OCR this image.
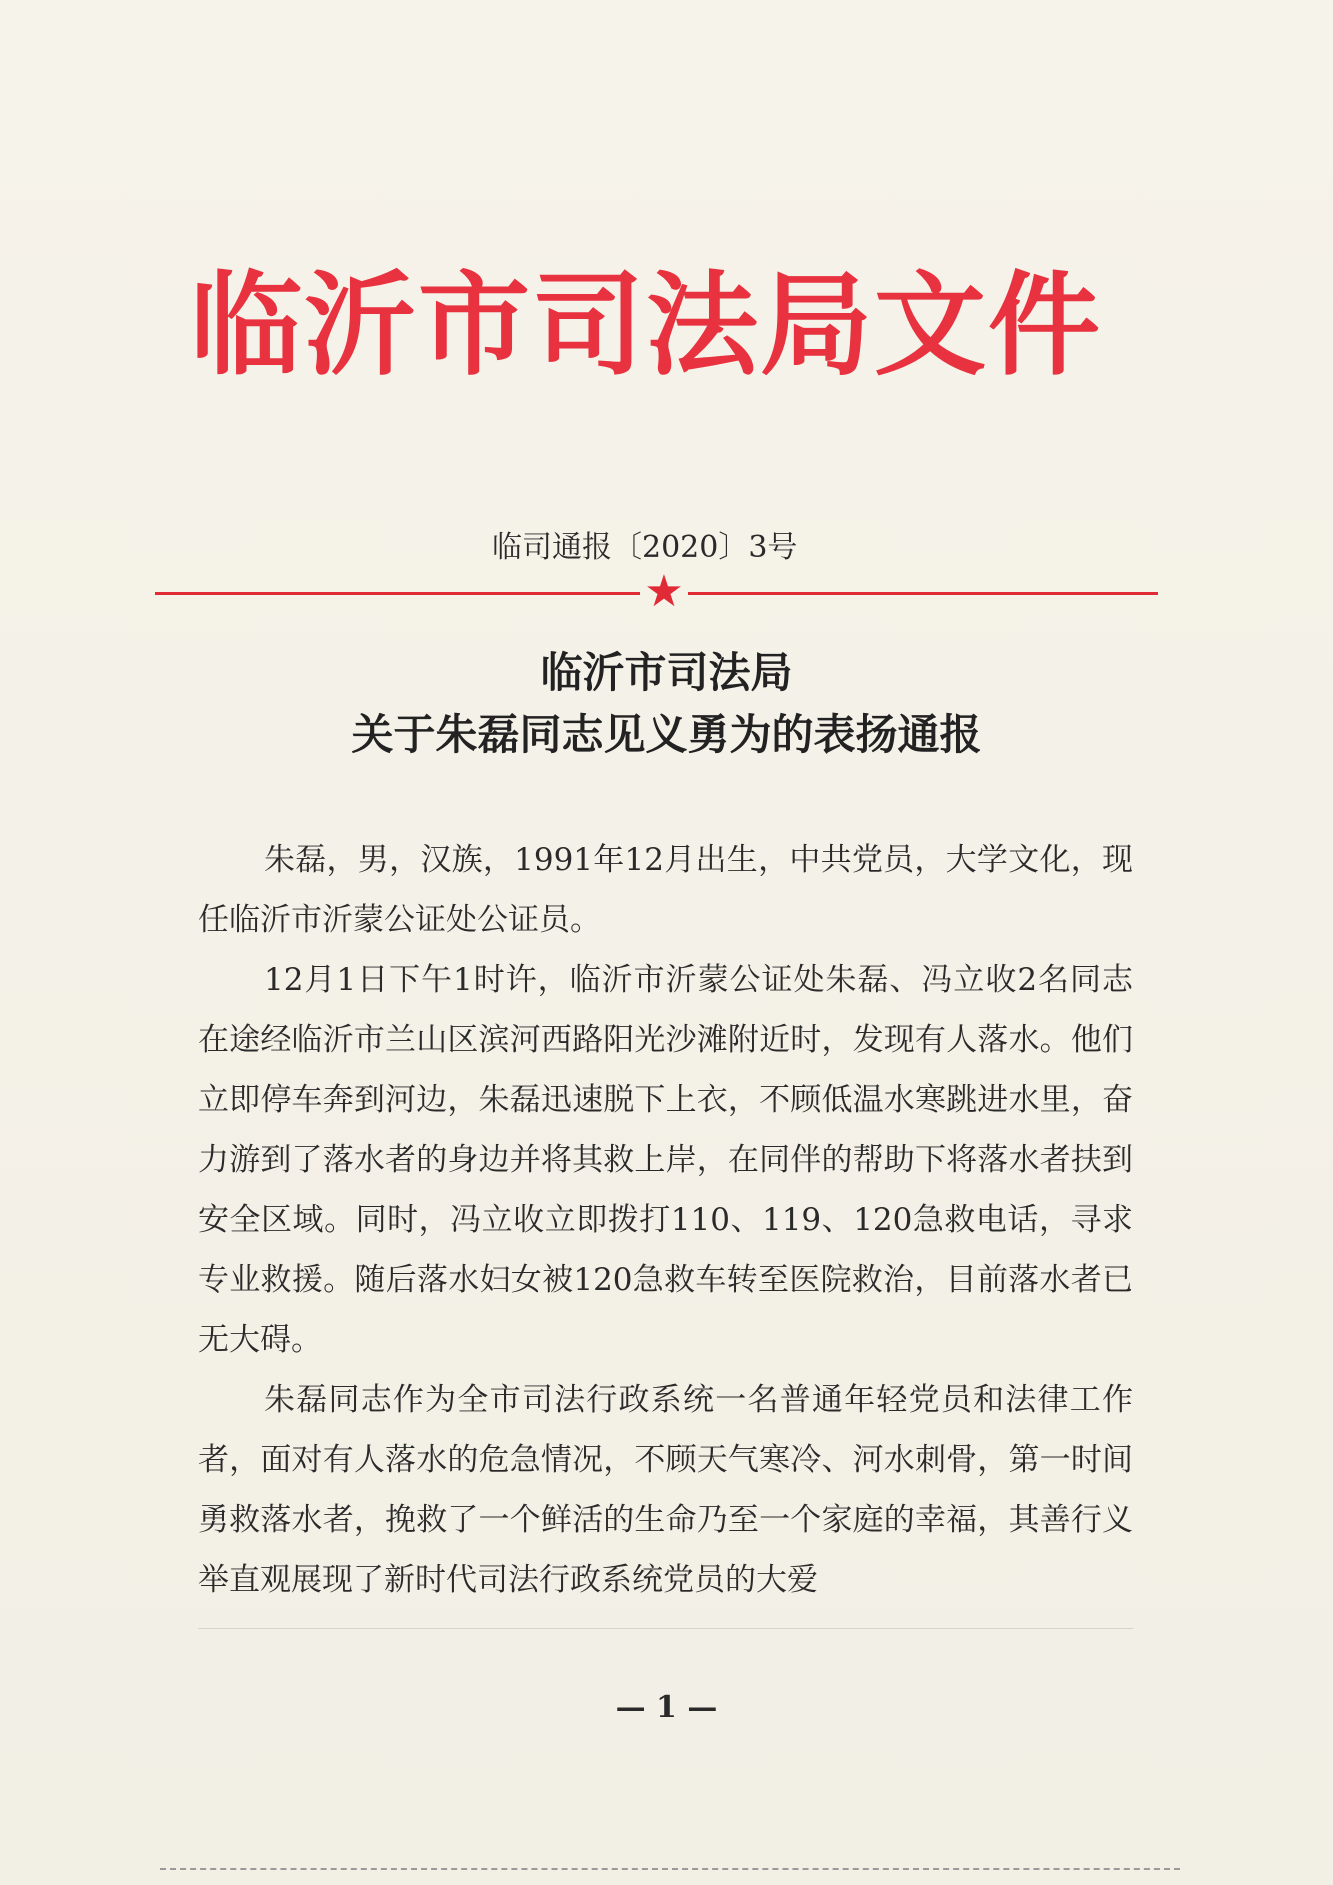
临沂市司法局文件
临司通报〔2020〕3号
★
临沂市司法局
关于朱磊同志见义勇为的表扬通报

朱磊，男，汉族，1991年12月出生，中共党员，大学文化，现任临沂市沂蒙公证处公证员。

12月1日下午1时许，临沂市沂蒙公证处朱磊、冯立收2名同志在途经临沂市兰山区滨河西路阳光沙滩附近时，发现有人落水。他们立即停车奔到河边，朱磊迅速脱下上衣，不顾低温水寒跳进水里，奋力游到了落水者的身边并将其救上岸，在同伴的帮助下将落水者扶到安全区域。同时，冯立收立即拨打110、119、120急救电话，寻求专业救援。随后落水妇女被120急救车转至医院救治，目前落水者已无大碍。

朱磊同志作为全市司法行政系统一名普通年轻党员和法律工作者，面对有人落水的危急情况，不顾天气寒冷、河水刺骨，第一时间勇救落水者，挽救了一个鲜活的生命乃至一个家庭的幸福，其善行义举直观展现了新时代司法行政系统党员的大爱

— 1 —
